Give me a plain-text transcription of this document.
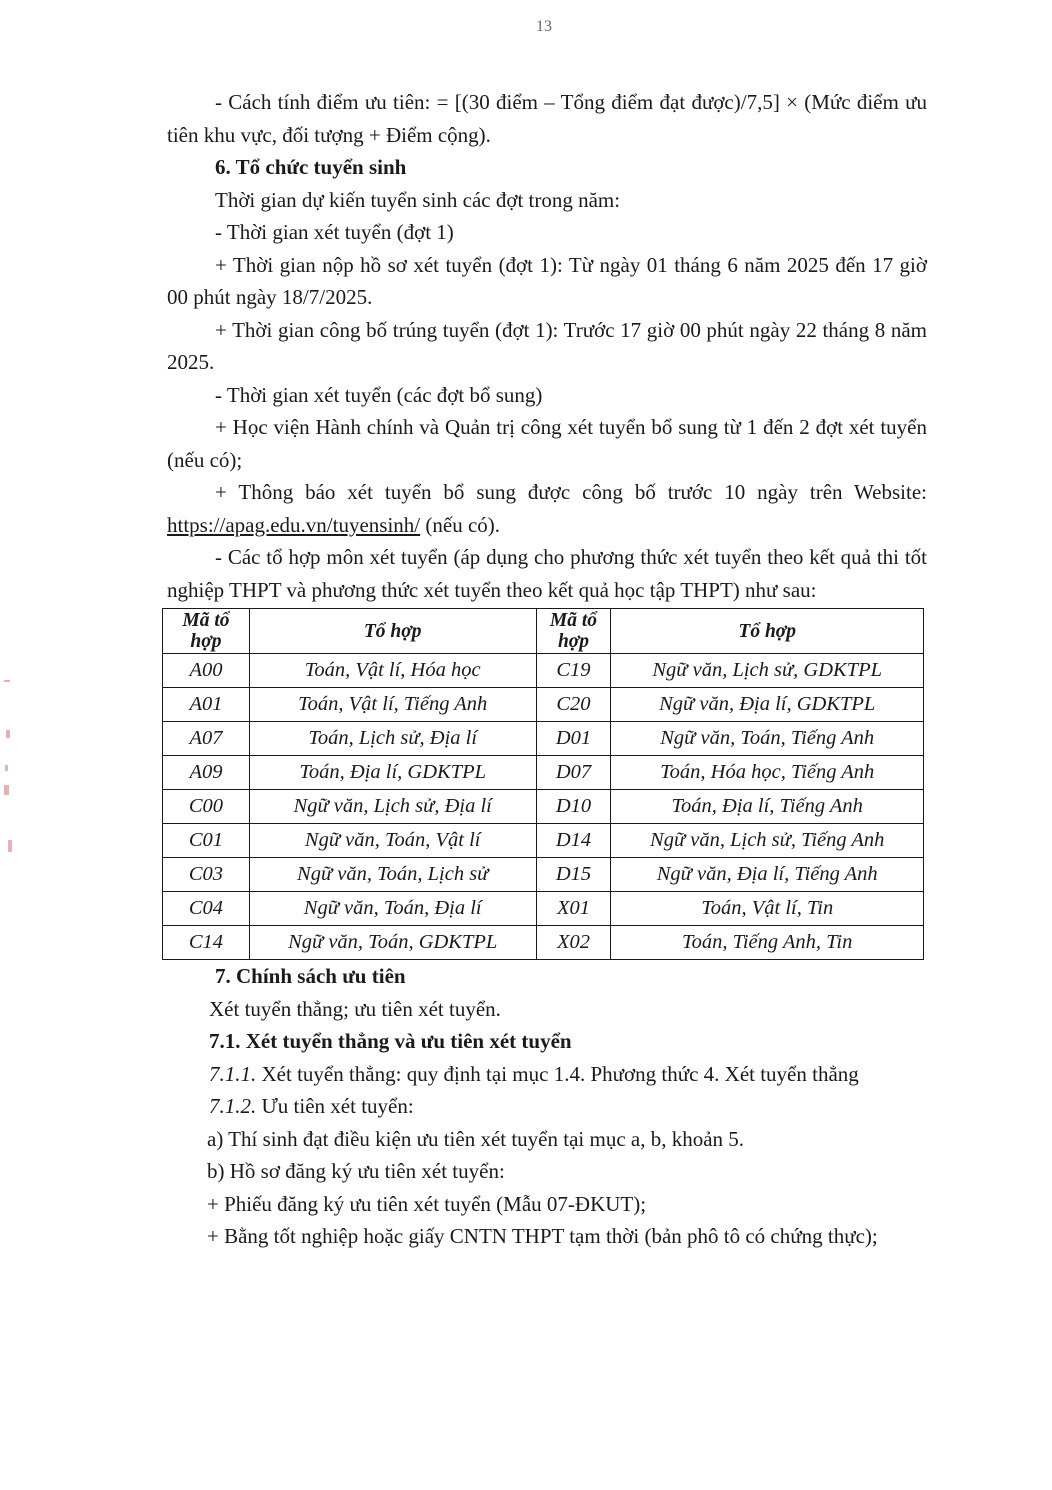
13

- Cách tính điểm ưu tiên: = [(30 điểm – Tổng điểm đạt được)/7,5] × (Mức điểm ưu tiên khu vực, đối tượng + Điểm cộng).

6. Tổ chức tuyển sinh

Thời gian dự kiến tuyển sinh các đợt trong năm:

- Thời gian xét tuyển (đợt 1)

+ Thời gian nộp hồ sơ xét tuyển (đợt 1): Từ ngày 01 tháng 6 năm 2025 đến 17 giờ 00 phút ngày 18/7/2025.

+ Thời gian công bố trúng tuyển (đợt 1): Trước 17 giờ 00 phút ngày 22 tháng 8 năm 2025.

- Thời gian xét tuyển (các đợt bổ sung)

+ Học viện Hành chính và Quản trị công xét tuyển bổ sung từ 1 đến 2 đợt xét tuyển (nếu có);

+ Thông báo xét tuyển bổ sung được công bố trước 10 ngày trên Website: https://apag.edu.vn/tuyensinh/ (nếu có).

- Các tổ hợp môn xét tuyển (áp dụng cho phương thức xét tuyển theo kết quả thi tốt nghiệp THPT và phương thức xét tuyển theo kết quả học tập THPT) như sau:

Mã tổ hợp	Tổ hợp	Mã tổ hợp	Tổ hợp
A00	Toán, Vật lí, Hóa học	C19	Ngữ văn, Lịch sử, GDKTPL
A01	Toán, Vật lí, Tiếng Anh	C20	Ngữ văn, Địa lí, GDKTPL
A07	Toán, Lịch sử, Địa lí	D01	Ngữ văn, Toán, Tiếng Anh
A09	Toán, Địa lí, GDKTPL	D07	Toán, Hóa học, Tiếng Anh
C00	Ngữ văn, Lịch sử, Địa lí	D10	Toán, Địa lí, Tiếng Anh
C01	Ngữ văn, Toán, Vật lí	D14	Ngữ văn, Lịch sử, Tiếng Anh
C03	Ngữ văn, Toán, Lịch sử	D15	Ngữ văn, Địa lí, Tiếng Anh
C04	Ngữ văn, Toán, Địa lí	X01	Toán, Vật lí, Tin
C14	Ngữ văn, Toán, GDKTPL	X02	Toán, Tiếng Anh, Tin

7. Chính sách ưu tiên

Xét tuyển thẳng; ưu tiên xét tuyển.

7.1. Xét tuyển thẳng và ưu tiên xét tuyển

7.1.1. Xét tuyển thẳng: quy định tại mục 1.4. Phương thức 4. Xét tuyển thẳng

7.1.2. Ưu tiên xét tuyển:

a) Thí sinh đạt điều kiện ưu tiên xét tuyển tại mục a, b, khoản 5.

b) Hồ sơ đăng ký ưu tiên xét tuyển:

+ Phiếu đăng ký ưu tiên xét tuyển (Mẫu 07-ĐKUT);

+ Bằng tốt nghiệp hoặc giấy CNTN THPT tạm thời (bản phô tô có chứng thực);
